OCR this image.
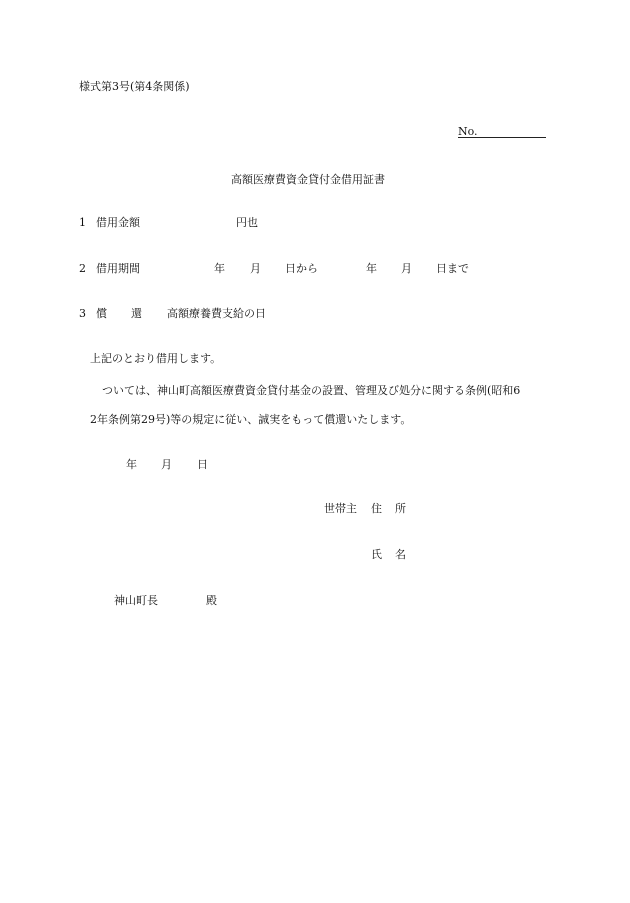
様式第3号(第4条関係)
No.
高額医療費資金貸付金借用証書
1 借用金額	円也
2 借用期間	年 月 日から	年 月 日まで
3 償 還 高額療養費支給の日
上記のとおり借用します。
ついては、神山町高額医療費資金貸付基金の設置、管理及び処分に関する条例(昭和6
2年条例第29号)等の規定に従い、誠実をもって償還いたします。
年 月 日
世帯主 住 所
氏 名
神山町長	殿
